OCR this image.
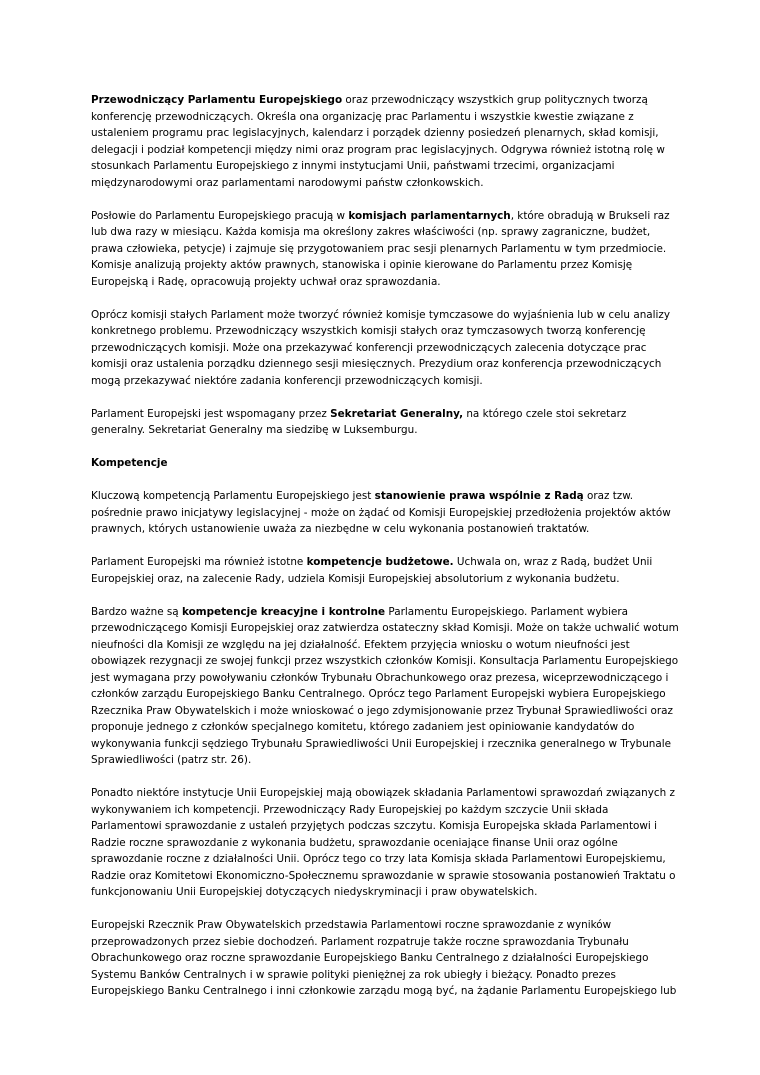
Przewodniczący Parlamentu Europejskiego oraz przewodniczący wszystkich grup politycznych tworzą konferencję przewodniczących. Określa ona organizację prac Parlamentu i wszystkie kwestie związane z ustaleniem programu prac legislacyjnych, kalendarz i porządek dzienny posiedzeń plenarnych, skład komisji, delegacji i podział kompetencji między nimi oraz program prac legislacyjnych. Odgrywa również istotną rolę w stosunkach Parlamentu Europejskiego z innymi instytucjami Unii, państwami trzecimi, organizacjami międzynarodowymi oraz parlamentami narodowymi państw członkowskich.

Posłowie do Parlamentu Europejskiego pracują w komisjach parlamentarnych, które obradują w Brukseli raz lub dwa razy w miesiącu. Każda komisja ma określony zakres właściwości (np. sprawy zagraniczne, budżet, prawa człowieka, petycje) i zajmuje się przygotowaniem prac sesji plenarnych Parlamentu w tym przedmiocie. Komisje analizują projekty aktów prawnych, stanowiska i opinie kierowane do Parlamentu przez Komisję Europejską i Radę, opracowują projekty uchwał oraz sprawozdania.

Oprócz komisji stałych Parlament może tworzyć również komisje tymczasowe do wyjaśnienia lub w celu analizy konkretnego problemu. Przewodniczący wszystkich komisji stałych oraz tymczasowych tworzą konferencję przewodniczących komisji. Może ona przekazywać konferencji przewodniczących zalecenia dotyczące prac komisji oraz ustalenia porządku dziennego sesji miesięcznych. Prezydium oraz konferencja przewodniczących mogą przekazywać niektóre zadania konferencji przewodniczących komisji.

Parlament Europejski jest wspomagany przez Sekretariat Generalny, na którego czele stoi sekretarz generalny. Sekretariat Generalny ma siedzibę w Luksemburgu.

Kompetencje

Kluczową kompetencją Parlamentu Europejskiego jest stanowienie prawa wspólnie z Radą oraz tzw. pośrednie prawo inicjatywy legislacyjnej - może on żądać od Komisji Europejskiej przedłożenia projektów aktów prawnych, których ustanowienie uważa za niezbędne w celu wykonania postanowień traktatów.

Parlament Europejski ma również istotne kompetencje budżetowe. Uchwala on, wraz z Radą, budżet Unii Europejskiej oraz, na zalecenie Rady, udziela Komisji Europejskiej absolutorium z wykonania budżetu.

Bardzo ważne są kompetencje kreacyjne i kontrolne Parlamentu Europejskiego. Parlament wybiera przewodniczącego Komisji Europejskiej oraz zatwierdza ostateczny skład Komisji. Może on także uchwalić wotum nieufności dla Komisji ze względu na jej działalność. Efektem przyjęcia wniosku o wotum nieufności jest obowiązek rezygnacji ze swojej funkcji przez wszystkich członków Komisji. Konsultacja Parlamentu Europejskiego jest wymagana przy powoływaniu członków Trybunału Obrachunkowego oraz prezesa, wiceprzewodniczącego i członków zarządu Europejskiego Banku Centralnego. Oprócz tego Parlament Europejski wybiera Europejskiego Rzecznika Praw Obywatelskich i może wnioskować o jego zdymisjonowanie przez Trybunał Sprawiedliwości oraz proponuje jednego z członków specjalnego komitetu, którego zadaniem jest opiniowanie kandydatów do wykonywania funkcji sędziego Trybunału Sprawiedliwości Unii Europejskiej i rzecznika generalnego w Trybunale Sprawiedliwości (patrz str. 26).

Ponadto niektóre instytucje Unii Europejskiej mają obowiązek składania Parlamentowi sprawozdań związanych z wykonywaniem ich kompetencji. Przewodniczący Rady Europejskiej po każdym szczycie Unii składa Parlamentowi sprawozdanie z ustaleń przyjętych podczas szczytu. Komisja Europejska składa Parlamentowi i Radzie roczne sprawozdanie z wykonania budżetu, sprawozdanie oceniające finanse Unii oraz ogólne sprawozdanie roczne z działalności Unii. Oprócz tego co trzy lata Komisja składa Parlamentowi Europejskiemu, Radzie oraz Komitetowi Ekonomiczno-Społecznemu sprawozdanie w sprawie stosowania postanowień Traktatu o funkcjonowaniu Unii Europejskiej dotyczących niedyskryminacji i praw obywatelskich.

Europejski Rzecznik Praw Obywatelskich przedstawia Parlamentowi roczne sprawozdanie z wyników przeprowadzonych przez siebie dochodzeń. Parlament rozpatruje także roczne sprawozdania Trybunału Obrachunkowego oraz roczne sprawozdanie Europejskiego Banku Centralnego z działalności Europejskiego Systemu Banków Centralnych i w sprawie polityki pieniężnej za rok ubiegły i bieżący. Ponadto prezes Europejskiego Banku Centralnego i inni członkowie zarządu mogą być, na żądanie Parlamentu Europejskiego lub
